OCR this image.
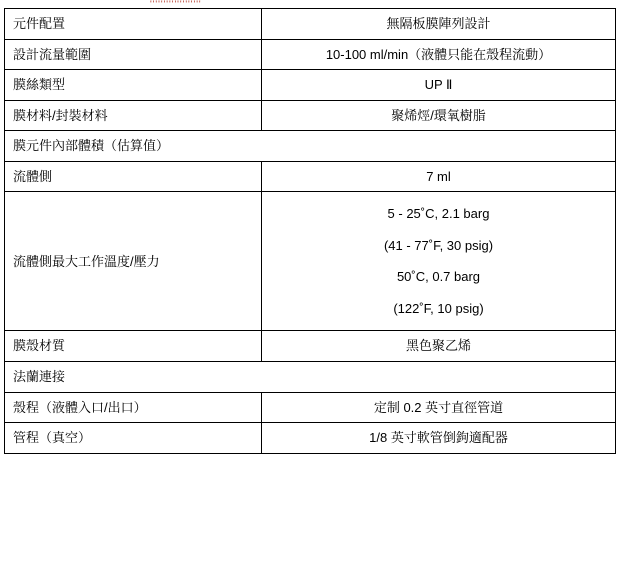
'''''''''''''''''''
元件配置	無隔板膜陣列設計
設計流量範圍	10-100 ml/min（液體只能在殼程流動）
膜絲類型	UP Ⅱ
膜材料/封裝材料	聚烯烴/環氧樹脂
膜元件內部體積（估算值）	
流體側	7 ml
流體側最大工作溫度/壓力	5 - 25˚C, 2.1 barg

(41 - 77˚F, 30 psig)

50˚C, 0.7 barg

(122˚F, 10 psig)

膜殼材質	黑色聚乙烯
法蘭連接	
殼程（液體入口/出口）	定制 0.2 英寸直徑管道
管程（真空）	1/8 英寸軟管倒鉤適配器
